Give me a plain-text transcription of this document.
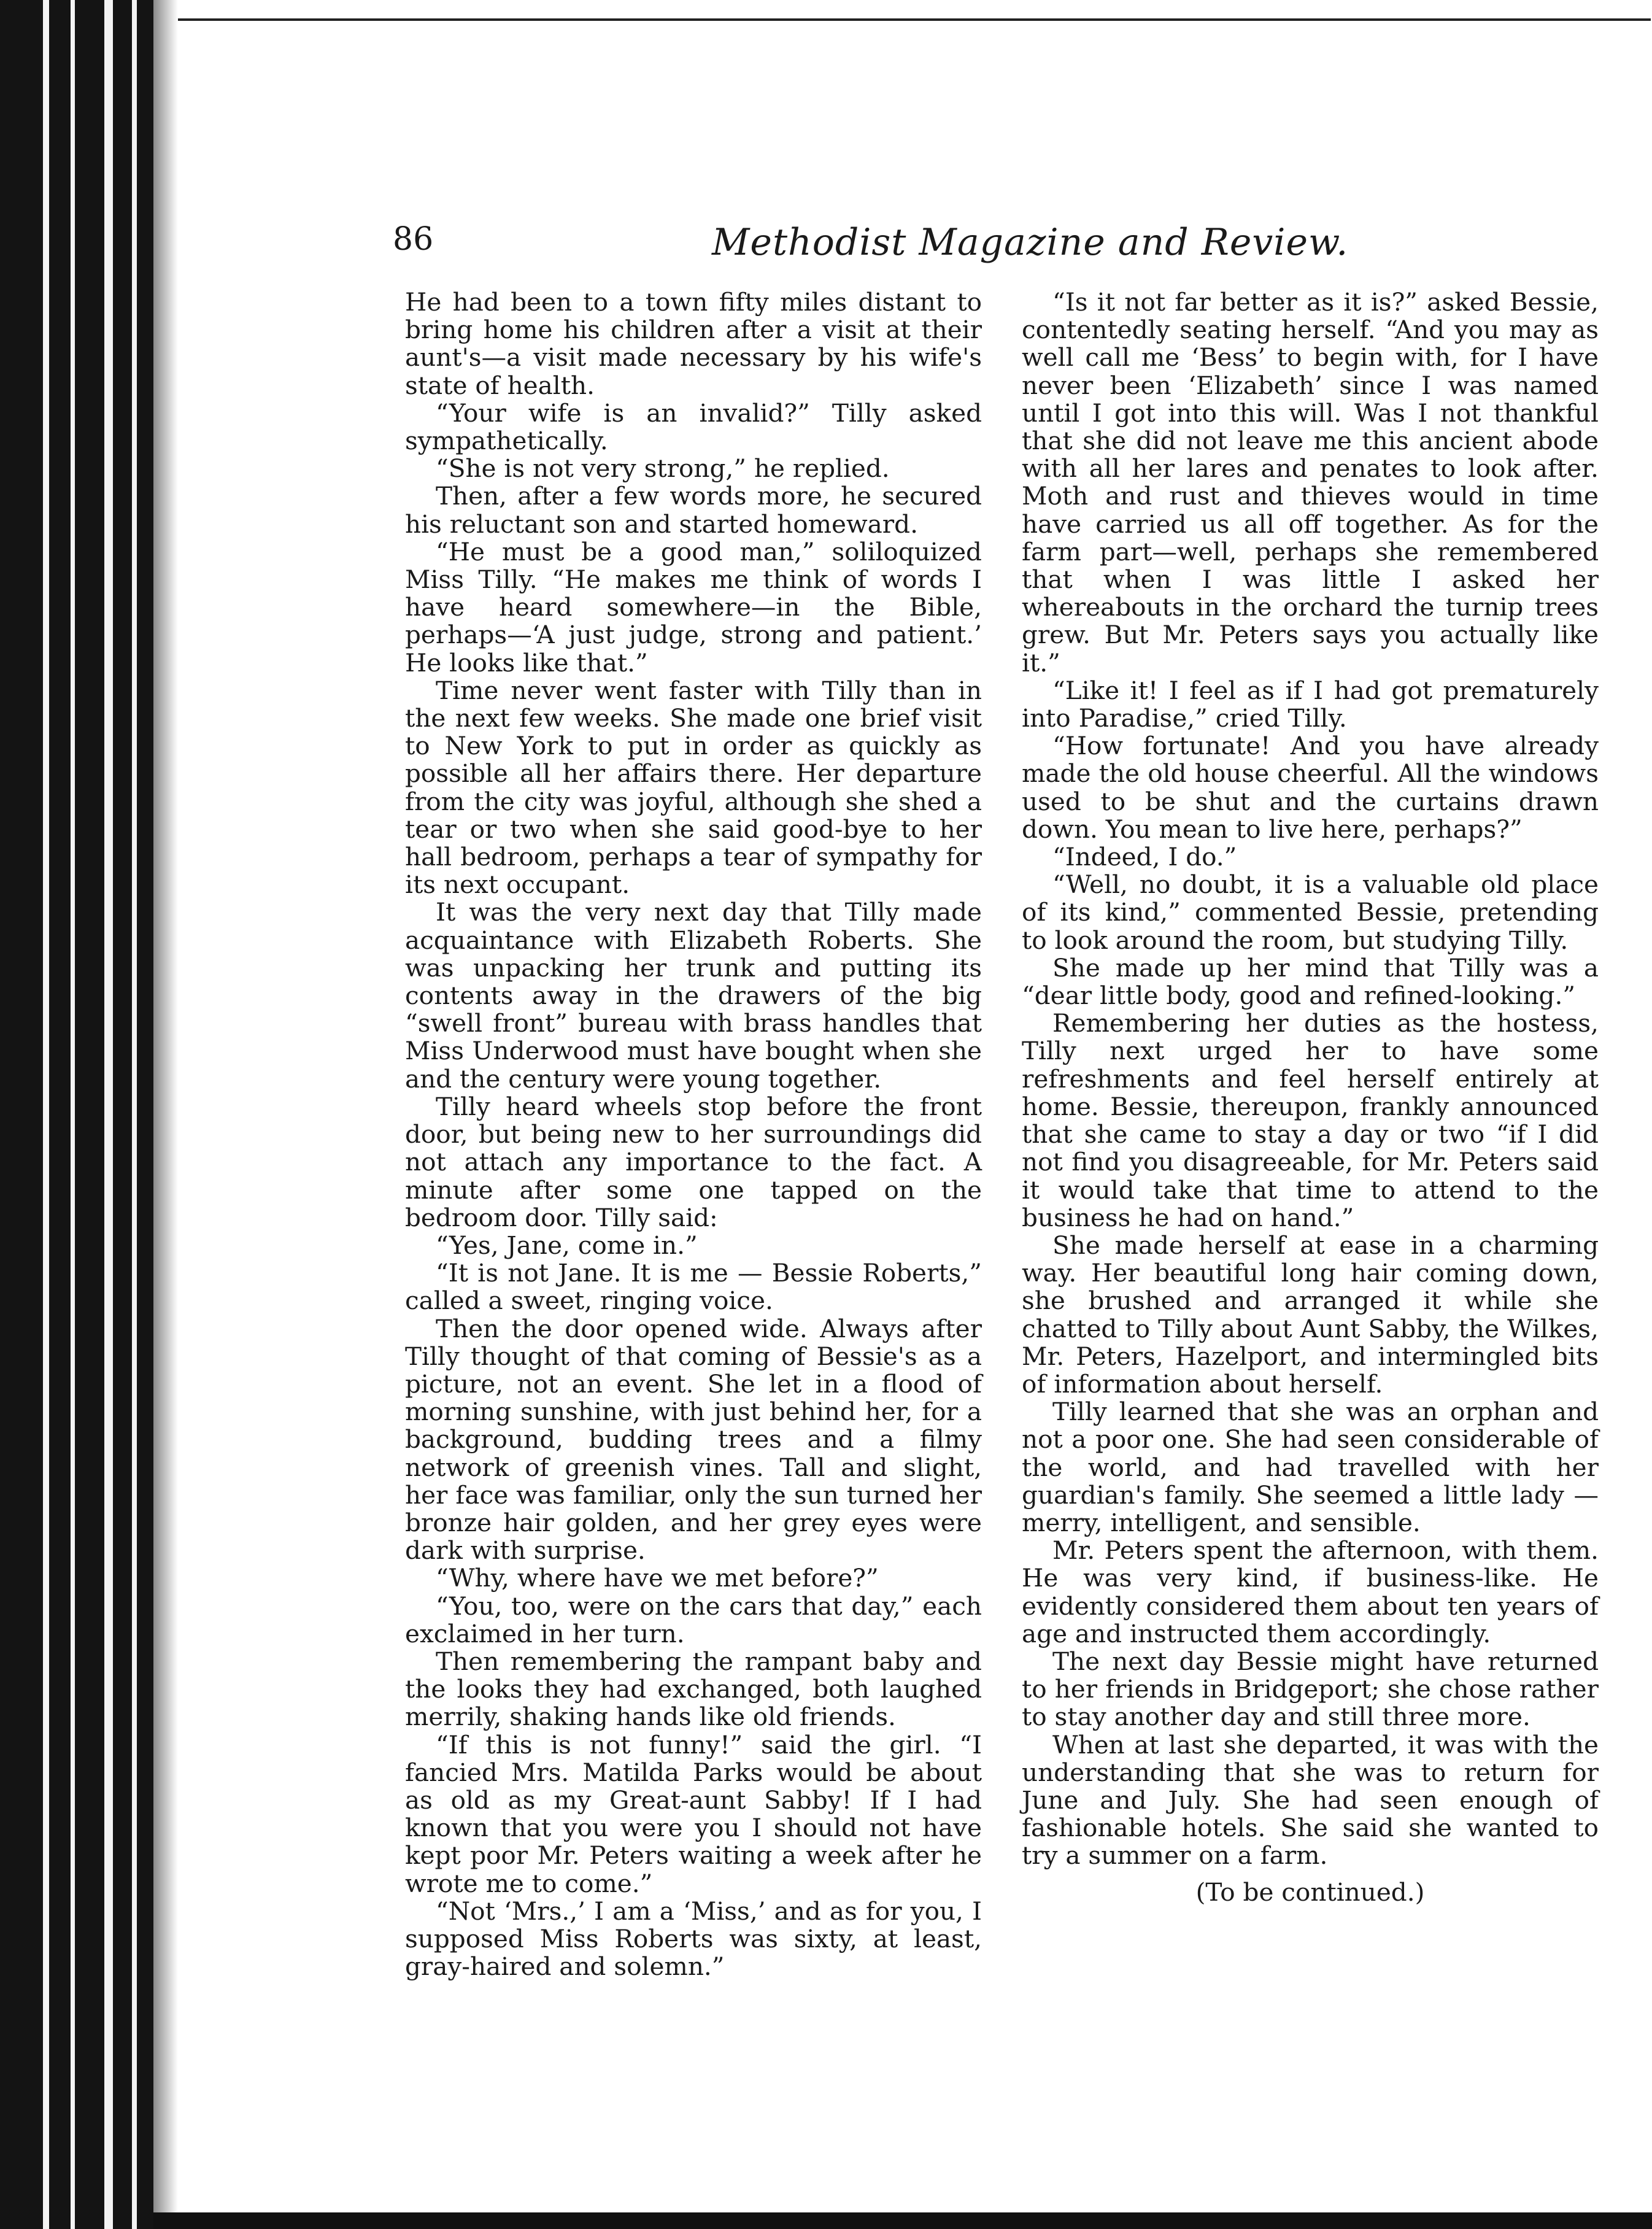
86	Methodist Magazine and Review.

He had been to a town fifty miles distant to bring home his children after a visit at their aunt's—a visit made necessary by his wife's state of health.

“Your wife is an invalid?” Tilly asked sympathetically.

“She is not very strong,” he replied.

Then, after a few words more, he secured his reluctant son and started homeward.

“He must be a good man,” soliloquized Miss Tilly. “He makes me think of words I have heard somewhere—in the Bible, perhaps—‘A just judge, strong and patient.’ He looks like that.”

Time never went faster with Tilly than in the next few weeks. She made one brief visit to New York to put in order as quickly as possible all her affairs there. Her departure from the city was joyful, although she shed a tear or two when she said good-bye to her hall bedroom, perhaps a tear of sympathy for its next occupant.

It was the very next day that Tilly made acquaintance with Elizabeth Roberts. She was unpacking her trunk and putting its contents away in the drawers of the big “swell front” bureau with brass handles that Miss Underwood must have bought when she and the century were young together.

Tilly heard wheels stop before the front door, but being new to her surroundings did not attach any importance to the fact. A minute after some one tapped on the bedroom door. Tilly said:

“Yes, Jane, come in.”

“It is not Jane. It is me — Bessie Roberts,” called a sweet, ringing voice.

Then the door opened wide. Always after Tilly thought of that coming of Bessie's as a picture, not an event. She let in a flood of morning sunshine, with just behind her, for a background, budding trees and a filmy network of greenish vines. Tall and slight, her face was familiar, only the sun turned her bronze hair golden, and her grey eyes were dark with surprise.

“Why, where have we met before?”

“You, too, were on the cars that day,” each exclaimed in her turn.

Then remembering the rampant baby and the looks they had exchanged, both laughed merrily, shaking hands like old friends.

“If this is not funny!” said the girl. “I fancied Mrs. Matilda Parks would be about as old as my Great-aunt Sabby! If I had known that you were you I should not have kept poor Mr. Peters waiting a week after he wrote me to come.”

“Not ‘Mrs.,’ I am a ‘Miss,’ and as for you, I supposed Miss Roberts was sixty, at least, gray-haired and solemn.”

“Is it not far better as it is?” asked Bessie, contentedly seating herself. “And you may as well call me ‘Bess’ to begin with, for I have never been ‘Elizabeth’ since I was named until I got into this will. Was I not thankful that she did not leave me this ancient abode with all her lares and penates to look after. Moth and rust and thieves would in time have carried us all off together. As for the farm part—well, perhaps she remembered that when I was little I asked her whereabouts in the orchard the turnip trees grew. But Mr. Peters says you actually like it.”

“Like it! I feel as if I had got prematurely into Paradise,” cried Tilly.

“How fortunate! And you have already made the old house cheerful. All the windows used to be shut and the curtains drawn down. You mean to live here, perhaps?”

“Indeed, I do.”

“Well, no doubt, it is a valuable old place of its kind,” commented Bessie, pretending to look around the room, but studying Tilly.

She made up her mind that Tilly was a “dear little body, good and refined-looking.”

Remembering her duties as the hostess, Tilly next urged her to have some refreshments and feel herself entirely at home. Bessie, thereupon, frankly announced that she came to stay a day or two “if I did not find you disagreeable, for Mr. Peters said it would take that time to attend to the business he had on hand.”

She made herself at ease in a charming way. Her beautiful long hair coming down, she brushed and arranged it while she chatted to Tilly about Aunt Sabby, the Wilkes, Mr. Peters, Hazelport, and intermingled bits of information about herself.

Tilly learned that she was an orphan and not a poor one. She had seen considerable of the world, and had travelled with her guardian's family. She seemed a little lady —merry, intelligent, and sensible.

Mr. Peters spent the afternoon, with them. He was very kind, if business-like. He evidently considered them about ten years of age and instructed them accordingly.

The next day Bessie might have returned to her friends in Bridgeport; she chose rather to stay another day and still three more.

When at last she departed, it was with the understanding that she was to return for June and July. She had seen enough of fashionable hotels. She said she wanted to try a summer on a farm.

(To be continued.)
